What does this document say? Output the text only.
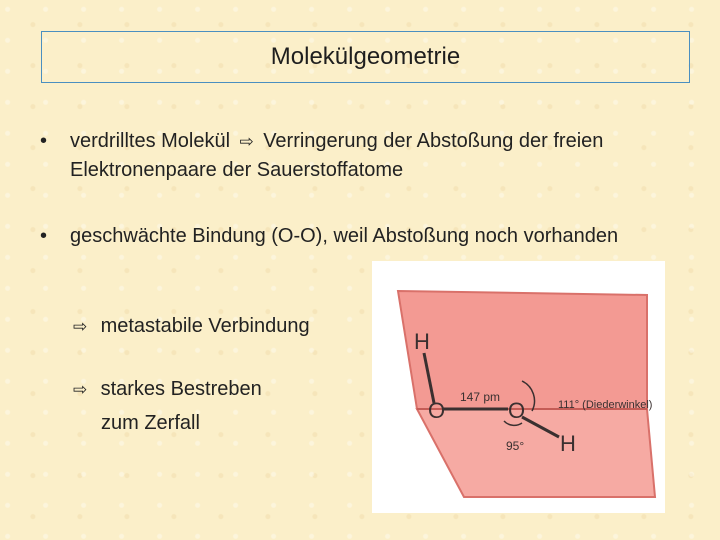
Molekülgeometrie
• verdrilltes Molekül ⇨ Verringerung der Abstoßung der freien
Elektronenpaare der Sauerstoffatome
• geschwächte Bindung (O-O), weil Abstoßung noch vorhanden
⇨ metastabile Verbindung
⇨ starkes Bestreben
zum Zerfall
H
O	O
H
147 pm
111° (Diederwinkel)
95°
